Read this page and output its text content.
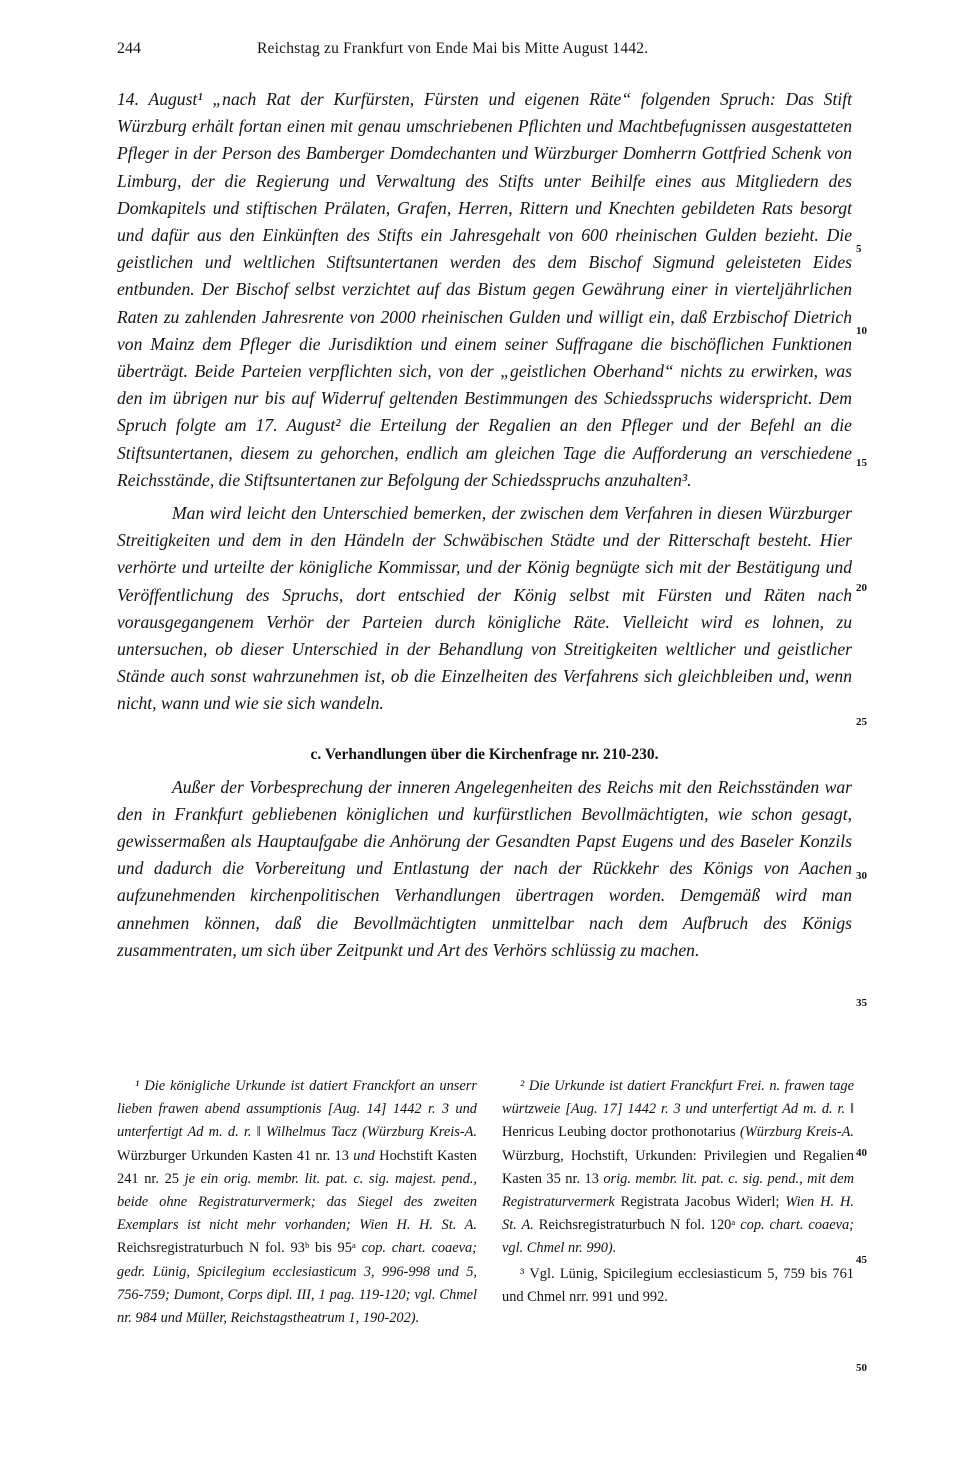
244	Reichstag zu Frankfurt von Ende Mai bis Mitte August 1442.

14. August¹ „nach Rat der Kurfürsten, Fürsten und eigenen Räte“ folgenden Spruch: Das Stift Würzburg erhält fortan einen mit genau umschriebenen Pflichten und Machtbefugnissen ausgestatteten Pfleger in der Person des Bamberger Domdechanten und Würzburger Domherrn Gottfried Schenk von Limburg, der die Regierung und Verwaltung des Stifts unter Beihilfe eines aus Mitgliedern des Domkapitels und stiftischen Prälaten, Grafen, Herren, Rittern und Knechten gebildeten Rats besorgt und dafür aus den Einkünften des Stifts ein Jahresgehalt von 600 rheinischen Gulden bezieht. Die geistlichen und weltlichen Stiftsuntertanen werden des dem Bischof Sigmund geleisteten Eides entbunden. Der Bischof selbst verzichtet auf das Bistum gegen Gewährung einer in vierteljährlichen Raten zu zahlenden Jahresrente von 2000 rheinischen Gulden und willigt ein, daß Erzbischof Dietrich von Mainz dem Pfleger die Jurisdiktion und einem seiner Suffragane die bischöflichen Funktionen überträgt. Beide Parteien verpflichten sich, von der „geistlichen Oberhand“ nichts zu erwirken, was den im übrigen nur bis auf Widerruf geltenden Bestimmungen des Schiedsspruchs widerspricht. Dem Spruch folgte am 17. August² die Erteilung der Regalien an den Pfleger und der Befehl an die Stiftsuntertanen, diesem zu gehorchen, endlich am gleichen Tage die Aufforderung an verschiedene Reichsstände, die Stiftsuntertanen zur Befolgung der Schiedsspruchs anzuhalten³.

Man wird leicht den Unterschied bemerken, der zwischen dem Verfahren in diesen Würzburger Streitigkeiten und dem in den Händeln der Schwäbischen Städte und der Ritterschaft besteht. Hier verhörte und urteilte der königliche Kommissar, und der König begnügte sich mit der Bestätigung und Veröffentlichung des Spruchs, dort entschied der König selbst mit Fürsten und Räten nach vorausgegangenem Verhör der Parteien durch königliche Räte. Vielleicht wird es lohnen, zu untersuchen, ob dieser Unterschied in der Behandlung von Streitigkeiten weltlicher und geistlicher Stände auch sonst wahrzunehmen ist, ob die Einzelheiten des Verfahrens sich gleichbleiben und, wenn nicht, wann und wie sie sich wandeln.

c. Verhandlungen über die Kirchenfrage nr. 210-230.

Außer der Vorbesprechung der inneren Angelegenheiten des Reichs mit den Reichsständen war den in Frankfurt gebliebenen königlichen und kurfürstlichen Bevollmächtigten, wie schon gesagt, gewissermaßen als Hauptaufgabe die Anhörung der Gesandten Papst Eugens und des Baseler Konzils und dadurch die Vorbereitung und Entlastung der nach der Rückkehr des Königs von Aachen aufzunehmenden kirchenpolitischen Verhandlungen übertragen worden. Demgemäß wird man annehmen können, daß die Bevollmächtigten unmittelbar nach dem Aufbruch des Königs zusammentraten, um sich über Zeitpunkt und Art des Verhörs schlüssig zu machen.

5
10
15
20
25
30
35
40
45
50

¹ Die königliche Urkunde ist datiert Franckfort an unserr lieben frawen abend assumptionis [Aug. 14] 1442 r. 3 und unterfertigt Ad m. d. r. ‖ Wilhelmus Tacz (Würzburg Kreis-A. Würzburger Urkunden Kasten 41 nr. 13 und Hochstift Kasten 241 nr. 25 je ein orig. membr. lit. pat. c. sig. majest. pend., beide ohne Registraturvermerk; das Siegel des zweiten Exemplars ist nicht mehr vorhanden; Wien H. H. St. A. Reichsregistraturbuch N fol. 93ᵇ bis 95ᵃ cop. chart. coaeva; gedr. Lünig, Spicilegium ecclesiasticum 3, 996-998 und 5, 756-759; Dumont, Corps dipl. III, 1 pag. 119-120; vgl. Chmel nr. 984 und Müller, Reichstagstheatrum 1, 190-202).

² Die Urkunde ist datiert Franckfurt Frei. n. frawen tage würtzweie [Aug. 17] 1442 r. 3 und unterfertigt Ad m. d. r. ‖ Henricus Leubing doctor prothonotarius (Würzburg Kreis-A. Würzburg, Hochstift, Urkunden: Privilegien und Regalien Kasten 35 nr. 13 orig. membr. lit. pat. c. sig. pend., mit dem Registraturvermerk Registrata Jacobus Widerl; Wien H. H. St. A. Reichsregistraturbuch N fol. 120ᵃ cop. chart. coaeva; vgl. Chmel nr. 990).

³ Vgl. Lünig, Spicilegium ecclesiasticum 5, 759 bis 761 und Chmel nrr. 991 und 992.
